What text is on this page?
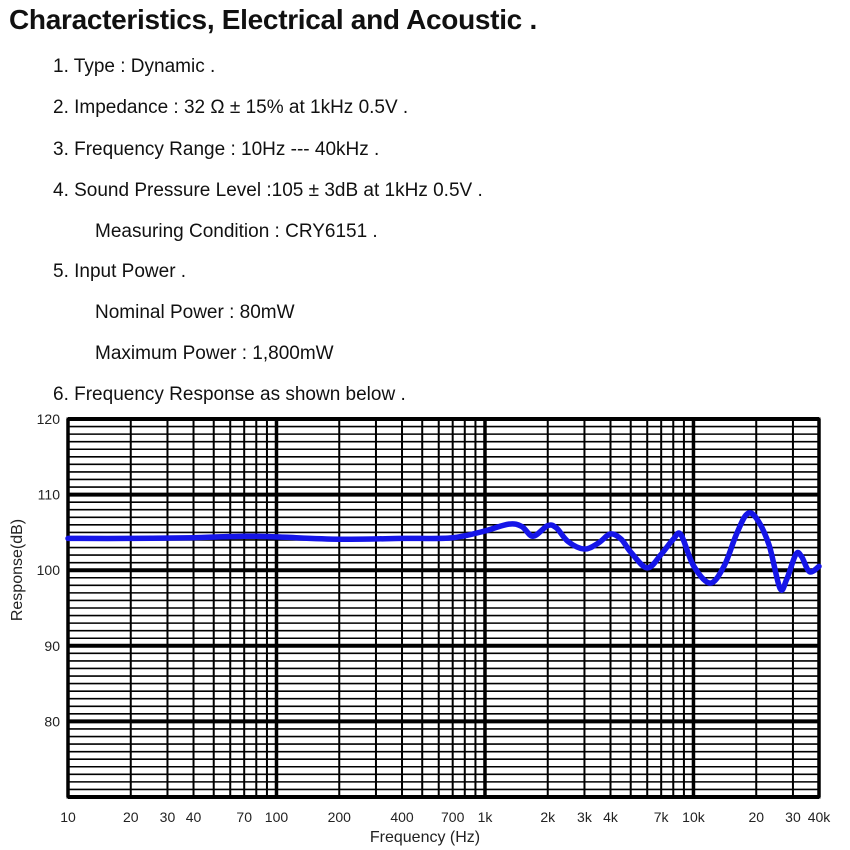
Characteristics, Electrical and Acoustic .
1. Type : Dynamic .
2. Impedance : 32 Ω ± 15% at 1kHz 0.5V .
3. Frequency Range : 10Hz --- 40kHz .
4. Sound Pressure Level :105 ± 3dB at 1kHz 0.5V .
Measuring Condition : CRY6151 .
5. Input Power .
Nominal Power : 80mW
Maximum Power : 1,800mW
6. Frequency Response as shown below .
80
90
100
110
120
10	20 30 40	70 100	200	400 700 1k	2k 3k 4k	7k 10k	20 30 40k
Frequency (Hz)
Response(dB)
